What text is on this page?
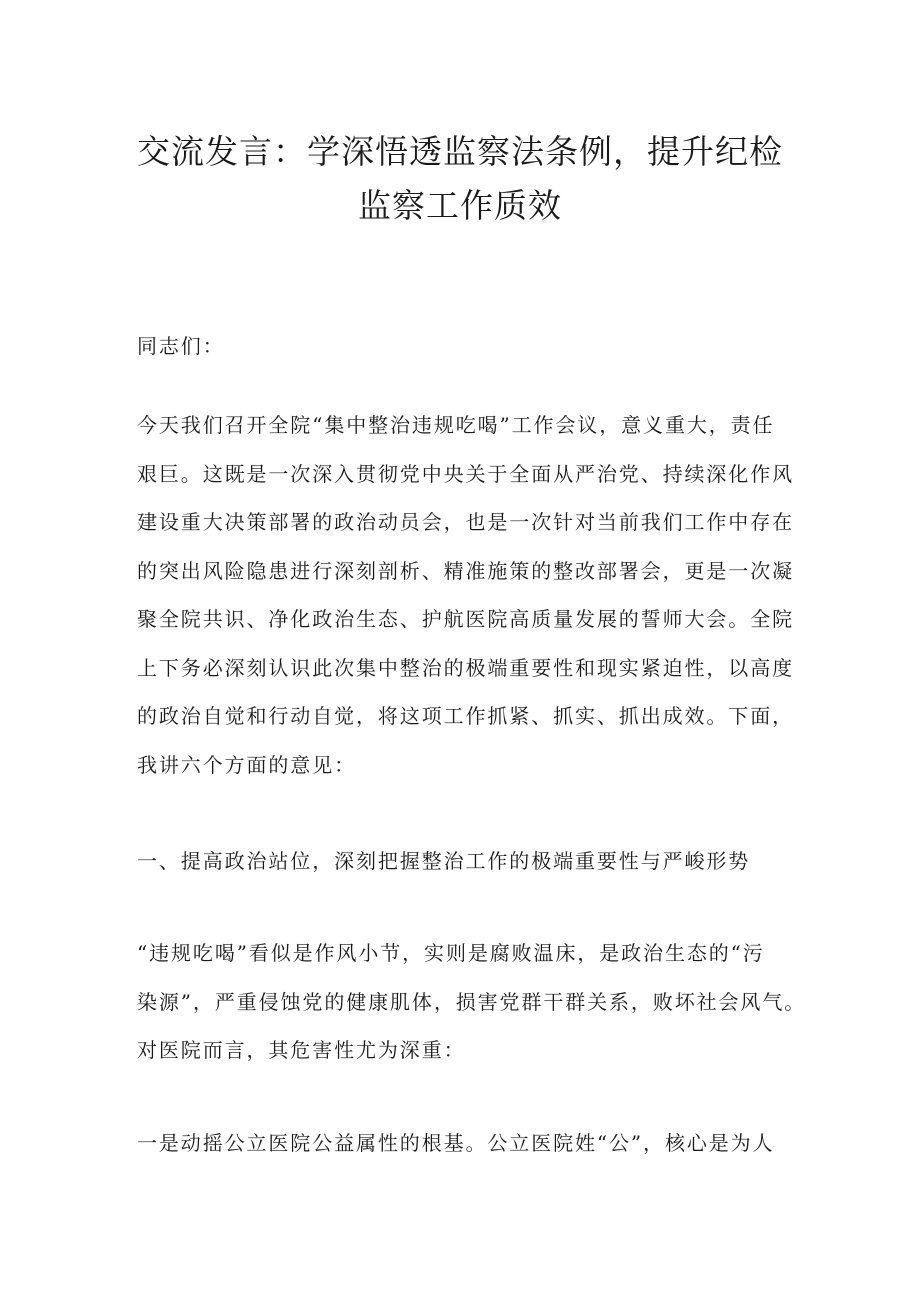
交流发言：学深悟透监察法条例，提升纪检
监察工作质效

同志们：

今天我们召开全院“集中整治违规吃喝”工作会议，意义重大，责任
艰巨。这既是一次深入贯彻党中央关于全面从严治党、持续深化作风
建设重大决策部署的政治动员会，也是一次针对当前我们工作中存在
的突出风险隐患进行深刻剖析、精准施策的整改部署会，更是一次凝
聚全院共识、净化政治生态、护航医院高质量发展的誓师大会。全院
上下务必深刻认识此次集中整治的极端重要性和现实紧迫性，以高度
的政治自觉和行动自觉，将这项工作抓紧、抓实、抓出成效。下面，
我讲六个方面的意见：

一、提高政治站位，深刻把握整治工作的极端重要性与严峻形势

“违规吃喝”看似是作风小节，实则是腐败温床，是政治生态的“污
染源”，严重侵蚀党的健康肌体，损害党群干群关系，败坏社会风气。
对医院而言，其危害性尤为深重：

一是动摇公立医院公益属性的根基。公立医院姓“公”，核心是为人
